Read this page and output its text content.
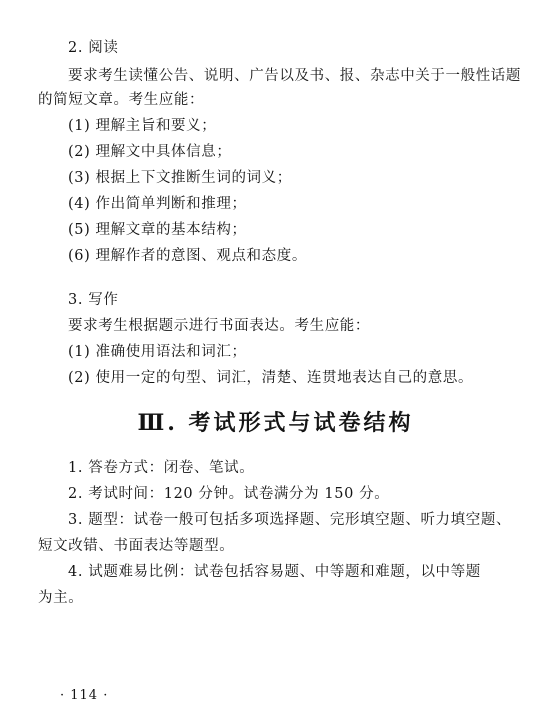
2. 阅读
要求考生读懂公告、说明、广告以及书、报、杂志中关于一般性话题
的简短文章。考生应能：
(1) 理解主旨和要义；
(2) 理解文中具体信息；
(3) 根据上下文推断生词的词义；
(4) 作出简单判断和推理；
(5) 理解文章的基本结构；
(6) 理解作者的意图、观点和态度。
3. 写作
要求考生根据题示进行书面表达。考生应能：
(1) 准确使用语法和词汇；
(2) 使用一定的句型、词汇，清楚、连贯地表达自己的意思。
Ⅲ. 考试形式与试卷结构
1. 答卷方式：闭卷、笔试。
2. 考试时间：120 分钟。试卷满分为 150 分。
3. 题型：试卷一般可包括多项选择题、完形填空题、听力填空题、
短文改错、书面表达等题型。
4. 试题难易比例：试卷包括容易题、中等题和难题，以中等题
为主。
· 114 ·
